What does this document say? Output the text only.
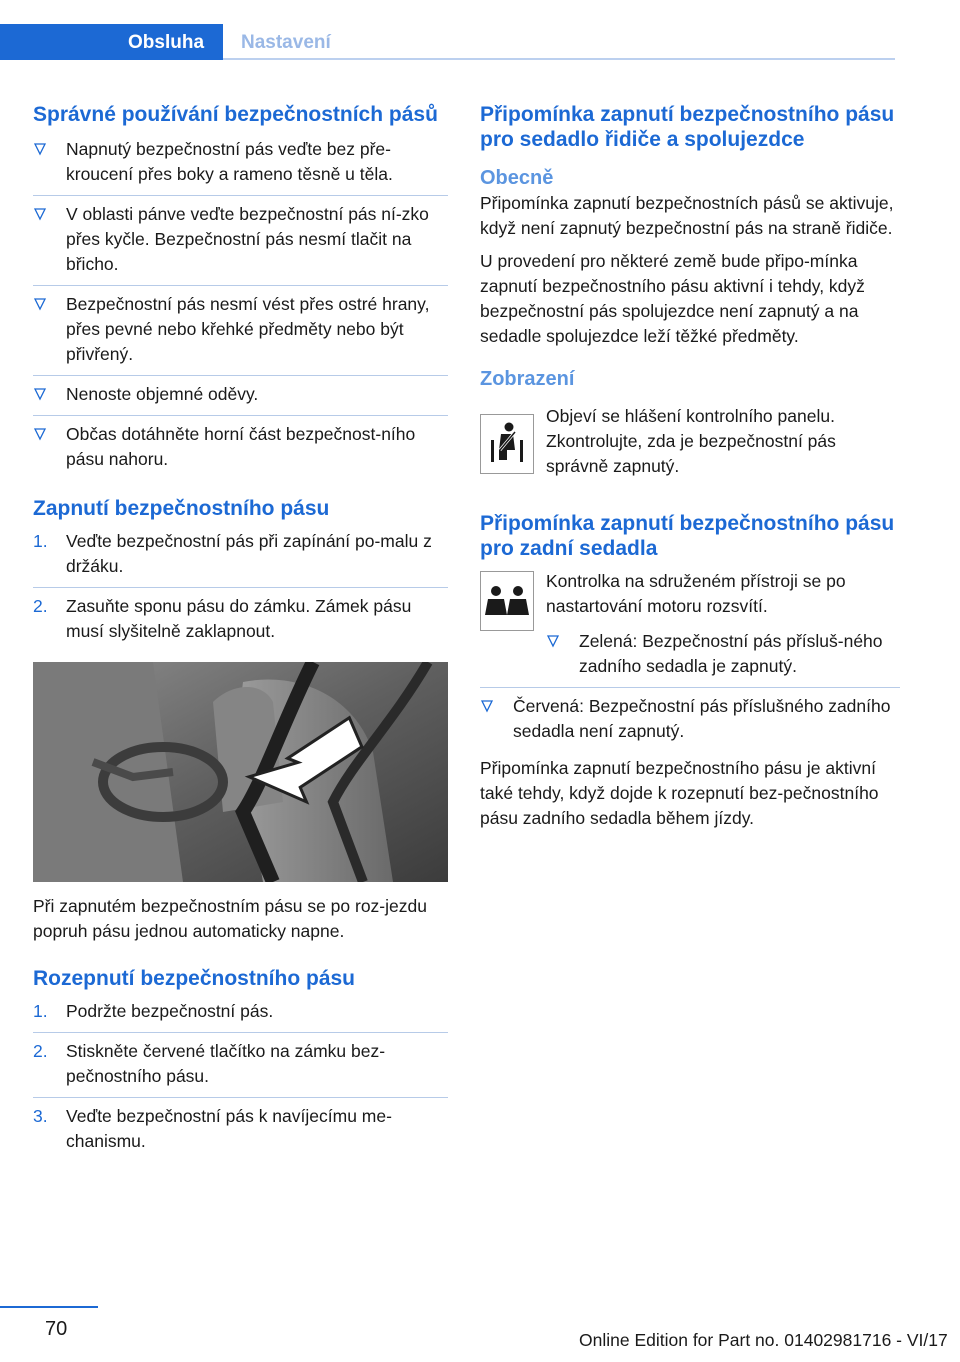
Obsluha Nastavení
Správné používání bezpečnostních pásů
Napnutý bezpečnostní pás veďte bez pře‐kroucení přes boky a rameno těsně u těla.
V oblasti pánve veďte bezpečnostní pás ní‐zko přes kyčle. Bezpečnostní pás nesmí tlačit na břicho.
Bezpečnostní pás nesmí vést přes ostré hrany, přes pevné nebo křehké předměty nebo být přivřený.
Nenoste objemné oděvy.
Občas dotáhněte horní část bezpečnost‐ního pásu nahoru.
Zapnutí bezpečnostního pásu
1. Veďte bezpečnostní pás při zapínání po‐malu z držáku.
2. Zasuňte sponu pásu do zámku. Zámek pásu musí slyšitelně zaklapnout.

Při zapnutém bezpečnostním pásu se po roz‐jezdu popruh pásu jednou automaticky napne.

Rozepnutí bezpečnostního pásu
1. Podržte bezpečnostní pás.
2. Stiskněte červené tlačítko na zámku bez‐pečnostního pásu.
3. Veďte bezpečnostní pás k navíjecímu me‐chanismu.
Připomínka zapnutí bezpečnostního pásu pro sedadlo řidiče a spolujezdce
Obecně

Připomínka zapnutí bezpečnostních pásů se aktivuje, když není zapnutý bezpečnostní pás na straně řidiče.

U provedení pro některé země bude připo‐mínka zapnutí bezpečnostního pásu aktivní i tehdy, když bezpečnostní pás spolujezdce není zapnutý a na sedadle spolujezdce leží těžké předměty.

Zobrazení

Objeví se hlášení kontrolního panelu. Zkontrolujte, zda je bezpečnostní pás správně zapnutý.

Připomínka zapnutí bezpečnostního pásu pro zadní sedadla

Kontrolka na sdruženém přístroji se po nastartování motoru rozsvítí.

Zelená: Bezpečnostní pás přísluš‐ného zadního sedadla je zapnutý.
Červená: Bezpečnostní pás příslušného zadního sedadla není zapnutý.

Připomínka zapnutí bezpečnostního pásu je aktivní také tehdy, když dojde k rozepnutí bez‐pečnostního pásu zadního sedadla během jízdy.

70	Online Edition for Part no. 01402981716 - VI/17
